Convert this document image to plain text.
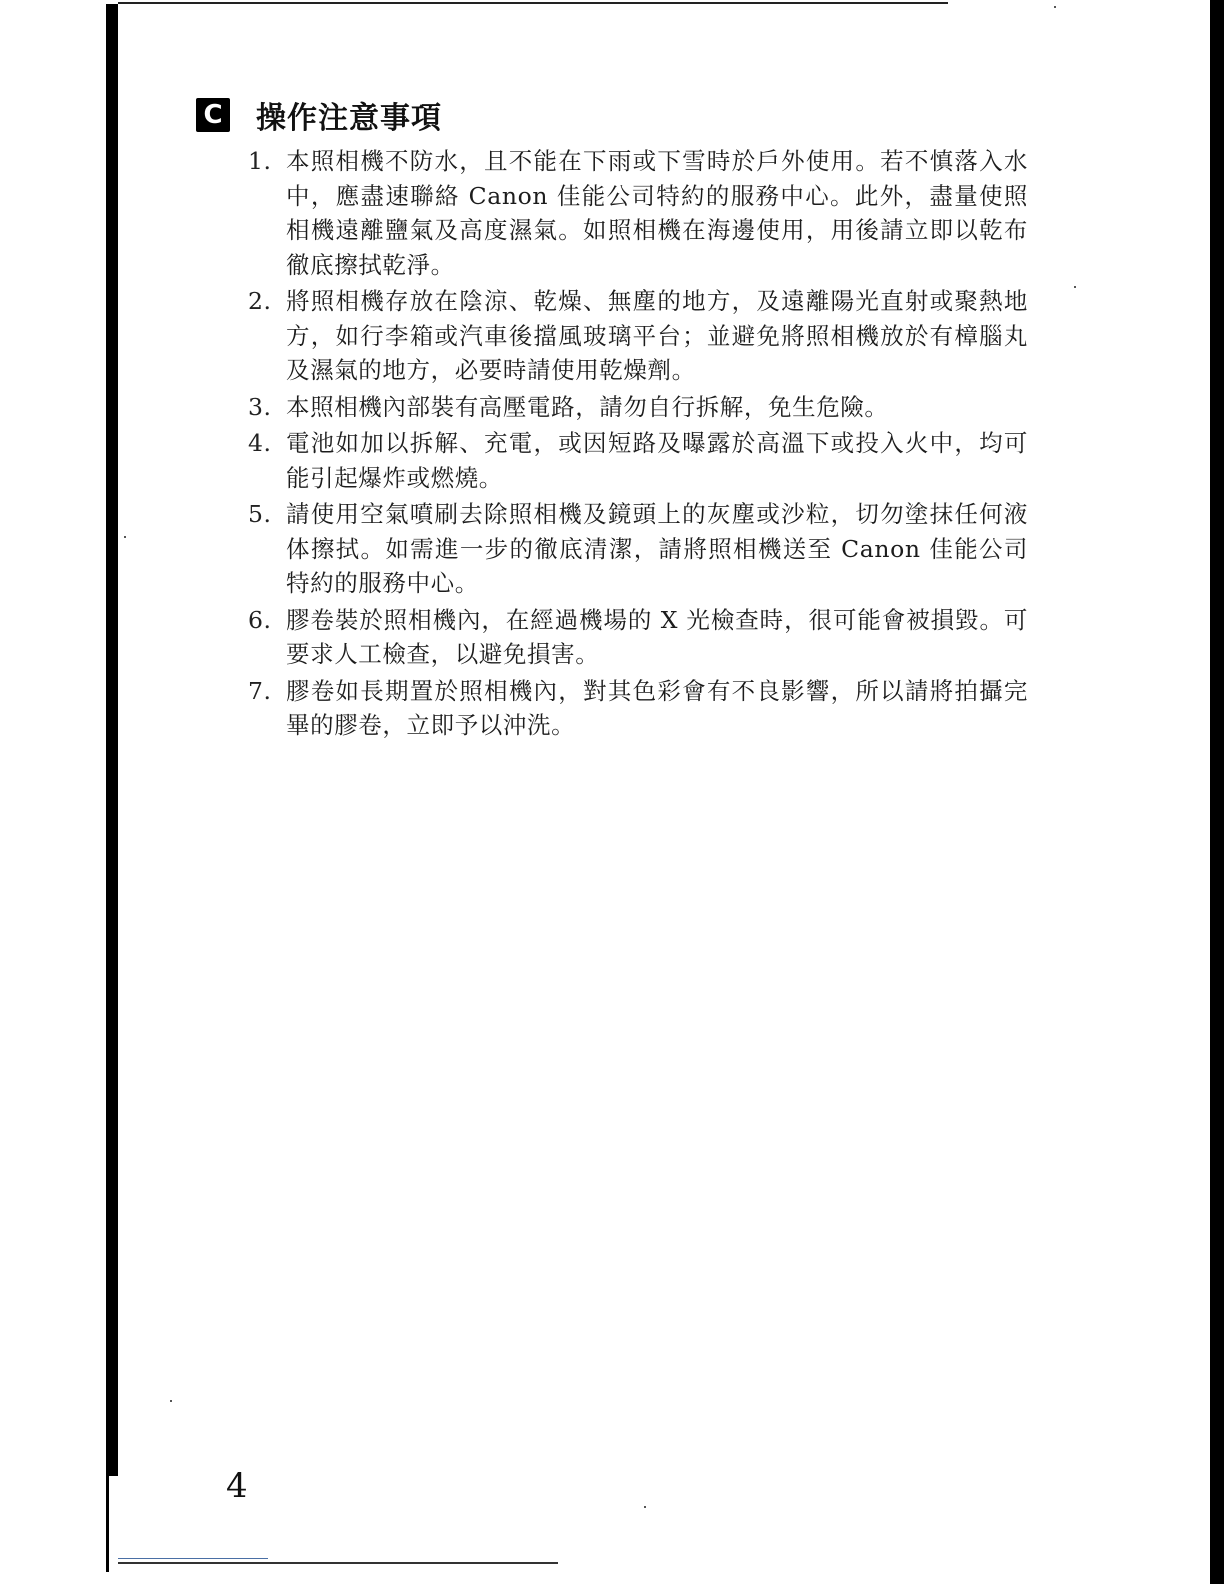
C 操作注意事項
1. 本照相機不防水，且不能在下雨或下雪時於戶外使用。若不慎落入水中，應盡速聯絡 Canon 佳能公司特約的服務中心。此外，盡量使照相機遠離鹽氣及高度濕氣。如照相機在海邊使用，用後請立即以乾布徹底擦拭乾淨。
2. 將照相機存放在陰涼、乾燥、無塵的地方，及遠離陽光直射或聚熱地方，如行李箱或汽車後擋風玻璃平台；並避免將照相機放於有樟腦丸及濕氣的地方，必要時請使用乾燥劑。
3. 本照相機內部裝有高壓電路，請勿自行拆解，免生危險。
4. 電池如加以拆解、充電，或因短路及曝露於高溫下或投入火中，均可能引起爆炸或燃燒。
5. 請使用空氣噴刷去除照相機及鏡頭上的灰塵或沙粒，切勿塗抹任何液体擦拭。如需進一步的徹底清潔，請將照相機送至 Canon 佳能公司特約的服務中心。
6. 膠卷裝於照相機內，在經過機場的 X 光檢查時，很可能會被損毀。可要求人工檢查，以避免損害。
7. 膠卷如長期置於照相機內，對其色彩會有不良影響，所以請將拍攝完畢的膠卷，立即予以沖洗。
4
